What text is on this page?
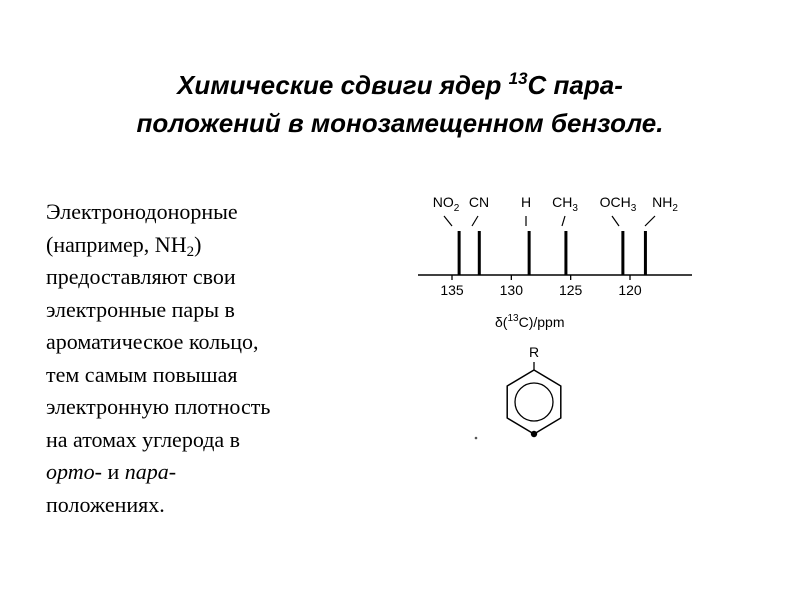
Химические сдвиги ядер $^{13}$С пара-
положений в монозамещенном бензоле.
Электронодонорные
(например, $NH_2$)
предоставляют свои
электронные пары в
ароматическое кольцо,
тем самым повышая
электронную плотность
на атомах углерода в
орто- и пара-
положениях.
135	130	125	120
$NO_2$ CN H $CH_3$ $OCH_3$ $NH_2$
δ($^{13}$C)/ppm
R
